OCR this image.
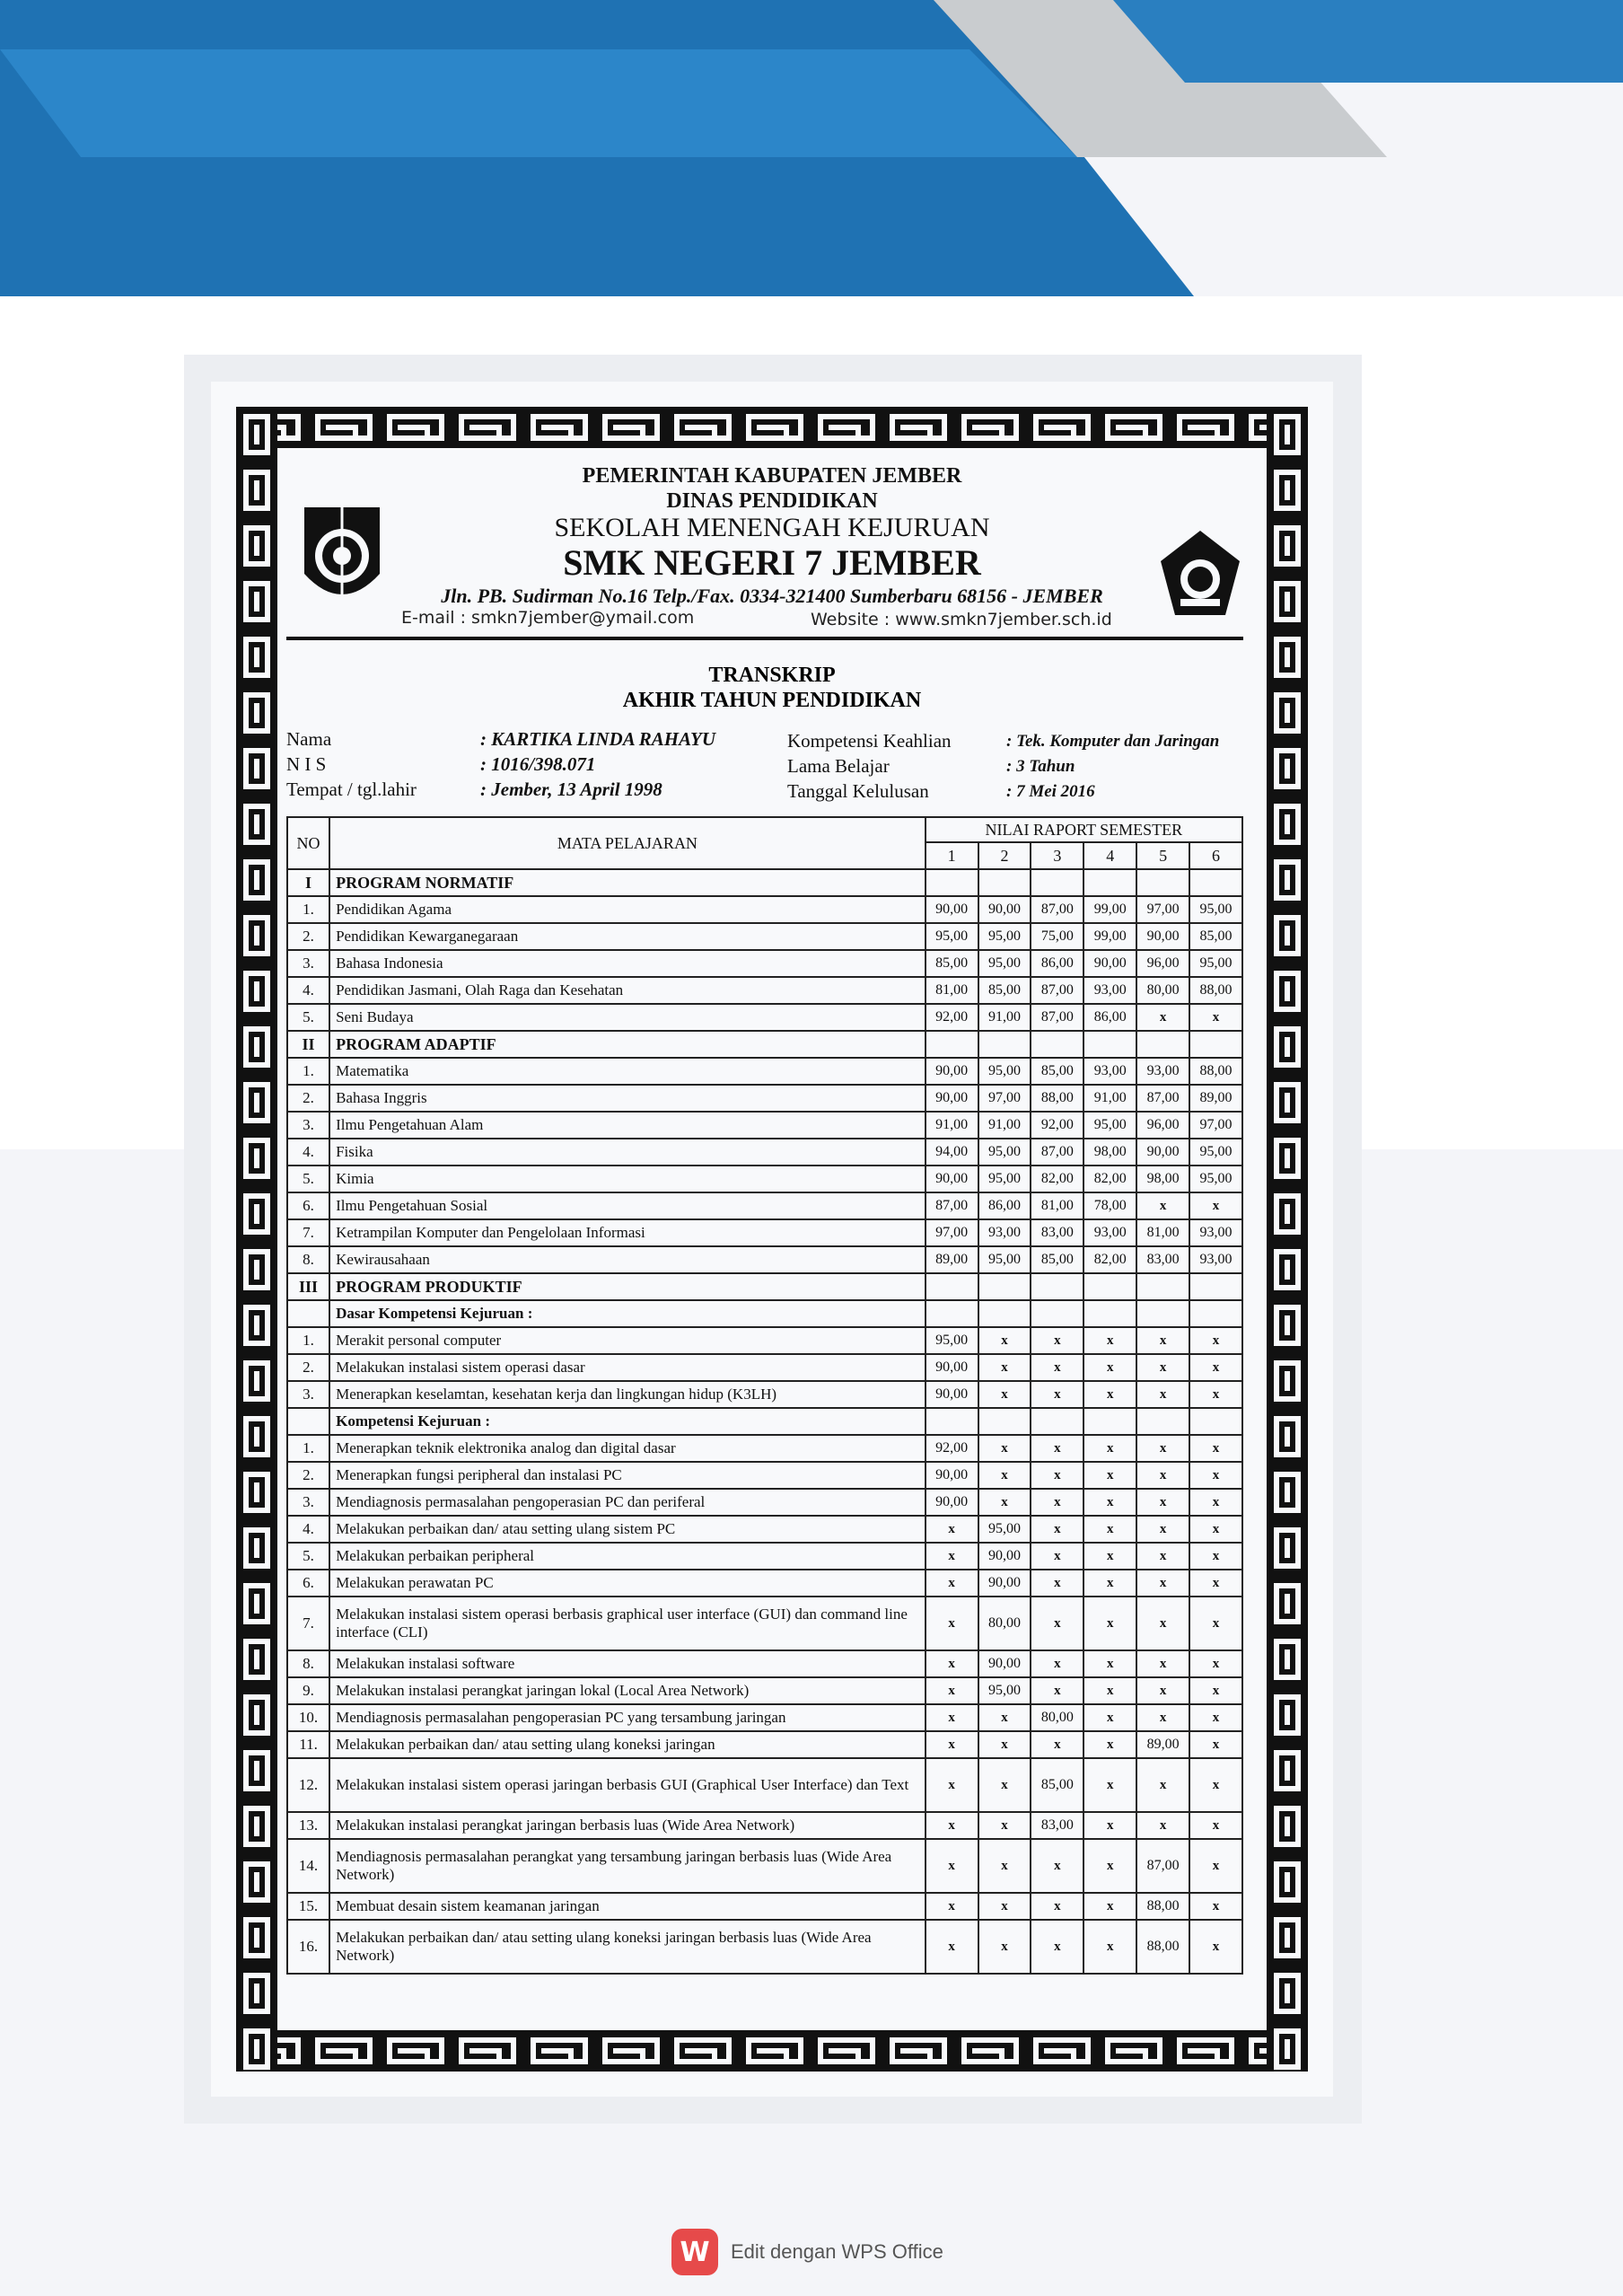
PEMERINTAH KABUPATEN JEMBER
DINAS PENDIDIKAN
SEKOLAH MENENGAH KEJURUAN
SMK NEGERI 7 JEMBER
Jln. PB. Sudirman No.16 Telp./Fax. 0334-321400 Sumberbaru 68156 - JEMBER
E-mail : smkn7jember@ymail.com	Website : www.smkn7jember.sch.id
TRANSKRIP
AKHIR TAHUN PENDIDIKAN
Nama	: KARTIKA LINDA RAHAYU
N I S	: 1016/398.071
Tempat / tgl.lahir	: Jember, 13 April 1998
Kompetensi Keahlian	: Tek. Komputer dan Jaringan
Lama Belajar	: 3 Tahun
Tanggal Kelulusan	: 7 Mei 2016
NO	MATA PELAJARAN	NILAI RAPORT SEMESTER					
		1	2	3	4	5	6
I	PROGRAM NORMATIF						
1.	Pendidikan Agama	90,00	90,00	87,00	99,00	97,00	95,00
2.	Pendidikan Kewarganegaraan	95,00	95,00	75,00	99,00	90,00	85,00
3.	Bahasa Indonesia	85,00	95,00	86,00	90,00	96,00	95,00
4.	Pendidikan Jasmani, Olah Raga dan Kesehatan	81,00	85,00	87,00	93,00	80,00	88,00
5.	Seni Budaya	92,00	91,00	87,00	86,00	x	x
II	PROGRAM ADAPTIF						
1.	Matematika	90,00	95,00	85,00	93,00	93,00	88,00
2.	Bahasa Inggris	90,00	97,00	88,00	91,00	87,00	89,00
3.	Ilmu Pengetahuan Alam	91,00	91,00	92,00	95,00	96,00	97,00
4.	Fisika	94,00	95,00	87,00	98,00	90,00	95,00
5.	Kimia	90,00	95,00	82,00	82,00	98,00	95,00
6.	Ilmu Pengetahuan Sosial	87,00	86,00	81,00	78,00	x	x
7.	Ketrampilan Komputer dan Pengelolaan Informasi	97,00	93,00	83,00	93,00	81,00	93,00
8.	Kewirausahaan	89,00	95,00	85,00	82,00	83,00	93,00
III	PROGRAM PRODUKTIF						
	Dasar Kompetensi Kejuruan :						
1.	Merakit personal computer	95,00	x	x	x	x	x
2.	Melakukan instalasi sistem operasi dasar	90,00	x	x	x	x	x
3.	Menerapkan keselamtan, kesehatan kerja dan lingkungan hidup (K3LH)	90,00	x	x	x	x	x
	Kompetensi Kejuruan :						
1.	Menerapkan teknik elektronika analog dan digital dasar	92,00	x	x	x	x	x
2.	Menerapkan fungsi peripheral dan instalasi PC	90,00	x	x	x	x	x
3.	Mendiagnosis permasalahan pengoperasian PC dan periferal	90,00	x	x	x	x	x
4.	Melakukan perbaikan dan/ atau setting ulang sistem PC	x	95,00	x	x	x	x
5.	Melakukan perbaikan peripheral	x	90,00	x	x	x	x
6.	Melakukan perawatan PC	x	90,00	x	x	x	x
7.	Melakukan instalasi sistem operasi berbasis graphical user interface (GUI) dan command line interface (CLI)	x	80,00	x	x	x	x
8.	Melakukan instalasi software	x	90,00	x	x	x	x
9.	Melakukan instalasi perangkat jaringan lokal (Local Area Network)	x	95,00	x	x	x	x
10.	Mendiagnosis permasalahan pengoperasian PC yang tersambung jaringan	x	x	80,00	x	x	x
11.	Melakukan perbaikan dan/ atau setting ulang koneksi jaringan	x	x	x	x	89,00	x
12.	Melakukan instalasi sistem operasi jaringan berbasis GUI (Graphical User Interface) dan Text	x	x	85,00	x	x	x
13.	Melakukan instalasi perangkat jaringan berbasis luas (Wide Area Network)	x	x	83,00	x	x	x
14.	Mendiagnosis permasalahan perangkat yang tersambung jaringan berbasis luas (Wide Area Network)	x	x	x	x	87,00	x
15.	Membuat desain sistem keamanan jaringan	x	x	x	x	88,00	x
16.	Melakukan perbaikan dan/ atau setting ulang koneksi jaringan berbasis luas (Wide Area Network)	x	x	x	x	88,00	x
W	Edit dengan WPS Office
